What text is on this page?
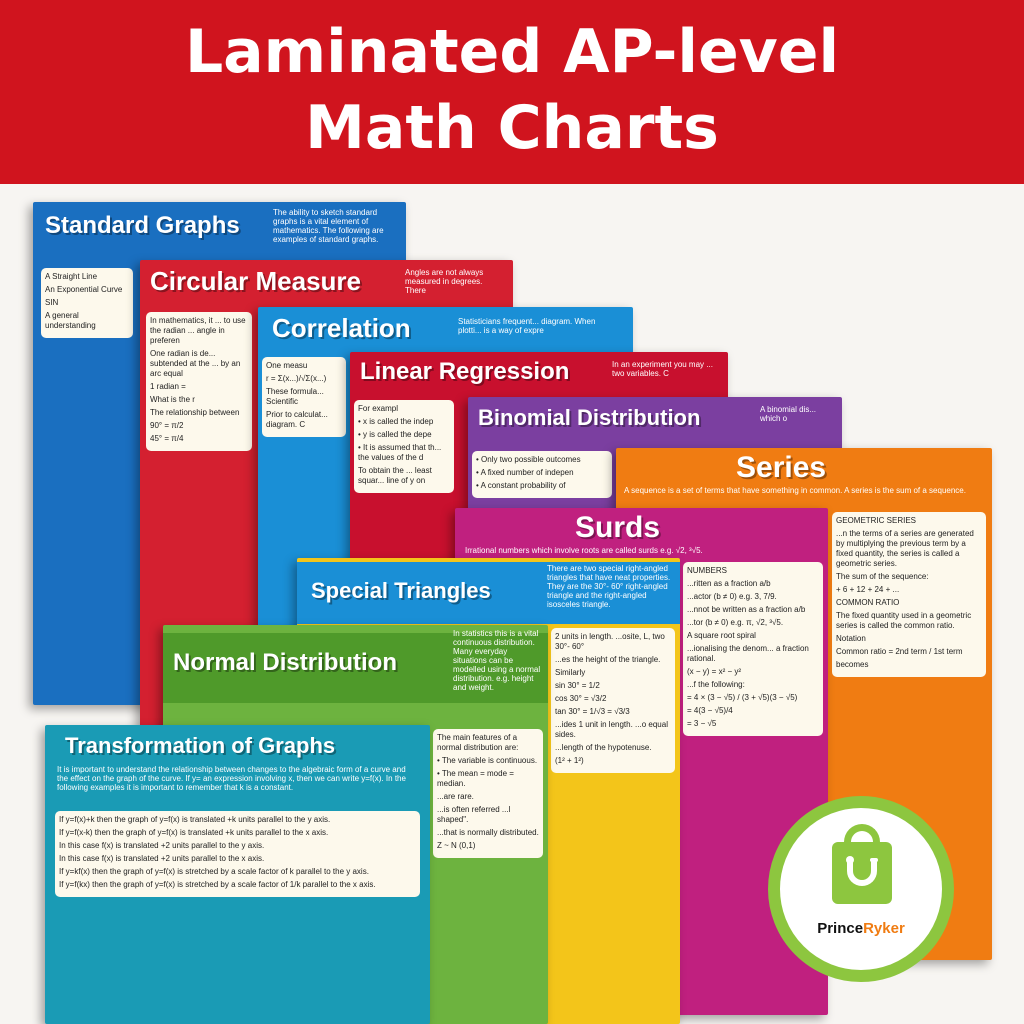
Laminated AP-level
Math Charts
Standard Graphs	The ability to sketch standard graphs is a vital element of mathematics. The following are examples of standard graphs.
A Straight Line
An Exponential Curve
SIN
A general understanding
Circular Measure	Angles are not always measured in degrees. There
In mathematics, it ... to use the radian ... angle in preferen
One radian is de... subtended at the ... by an arc equal
1 radian =
What is the r
The relationship between
90° = π/2
45° = π/4
Correlation	Statisticians frequent... diagram. When plotti... is a way of expre
One measu
r = Σ(x...)/√Σ(x...)
These formula... Scientific
Prior to calculat... diagram. C
Linear Regression	In an experiment you may ... two variables. C
For exampl
• x is called the indep
• y is called the depe
• It is assumed that th... the values of the d
To obtain the ... least squar... line of y on
Binomial Distribution	A binomial dis... which o
• Only two possible outcomes
• A fixed number of indepen
• A constant probability of
Series
A sequence is a set of terms that have something in common. A series is the sum of a sequence.
GEOMETRIC SERIES
...n the terms of a series are generated by multiplying the previous term by a fixed quantity, the series is called a geometric series.
The sum of the sequence:
+ 6 + 12 + 24 + ...
COMMON RATIO
The fixed quantity used in a geometric series is called the common ratio.
Notation
Common ratio = 2nd term / 1st term
becomes
Surds
Irrational numbers which involve roots are called surds e.g. √2, ³√5.
NUMBERS
...ritten as a fraction a/b
...actor (b ≠ 0) e.g. 3, 7/9.
...nnot be written as a fraction a/b
...tor (b ≠ 0) e.g. π, √2, ³√5.
A square root spiral
...ionalising the denom... a fraction rational.
(x − y) = x² − y²
...f the following:
= 4 × (3 − √5) / (3 + √5)(3 − √5)
= 4(3 − √5)/4
= 3 − √5
Special Triangles
There are two special right-angled triangles that have neat properties. They are the 30°- 60° right-angled triangle and the right-angled isosceles triangle.
2 units in length. ...osite, L, two 30°- 60°
...es the height of the triangle.
Similarly
sin 30° = 1/2
cos 30° = √3/2
tan 30° = 1/√3 = √3/3
...ides 1 unit in length. ...o equal sides.
...length of the hypotenuse.
(1² + 1²)
Normal Distribution
In statistics this is a vital continuous distribution. Many everyday situations can be modelled using a normal distribution. e.g. height and weight.
The main features of a normal distribution are:
• The variable is continuous.
• The mean = mode = median.
...are rare.
...is often referred ...l shaped".
...that is normally distributed.
Z ~ N (0,1)
Transformation of Graphs
It is important to understand the relationship between changes to the algebraic form of a curve and the effect on the graph of the curve. If y= an expression involving x, then we can write y=f(x). In the following examples it is important to remember that k is a constant.
If y=f(x)+k then the graph of y=f(x) is translated +k units parallel to the y axis.
If y=f(x-k) then the graph of y=f(x) is translated +k units parallel to the x axis.
In this case f(x) is translated +2 units parallel to the y axis.
In this case f(x) is translated +2 units parallel to the x axis.
If y=kf(x) then the graph of y=f(x) is stretched by a scale factor of k parallel to the y axis.
If y=f(kx) then the graph of y=f(x) is stretched by a scale factor of 1/k parallel to the x axis.
PrinceRyker
